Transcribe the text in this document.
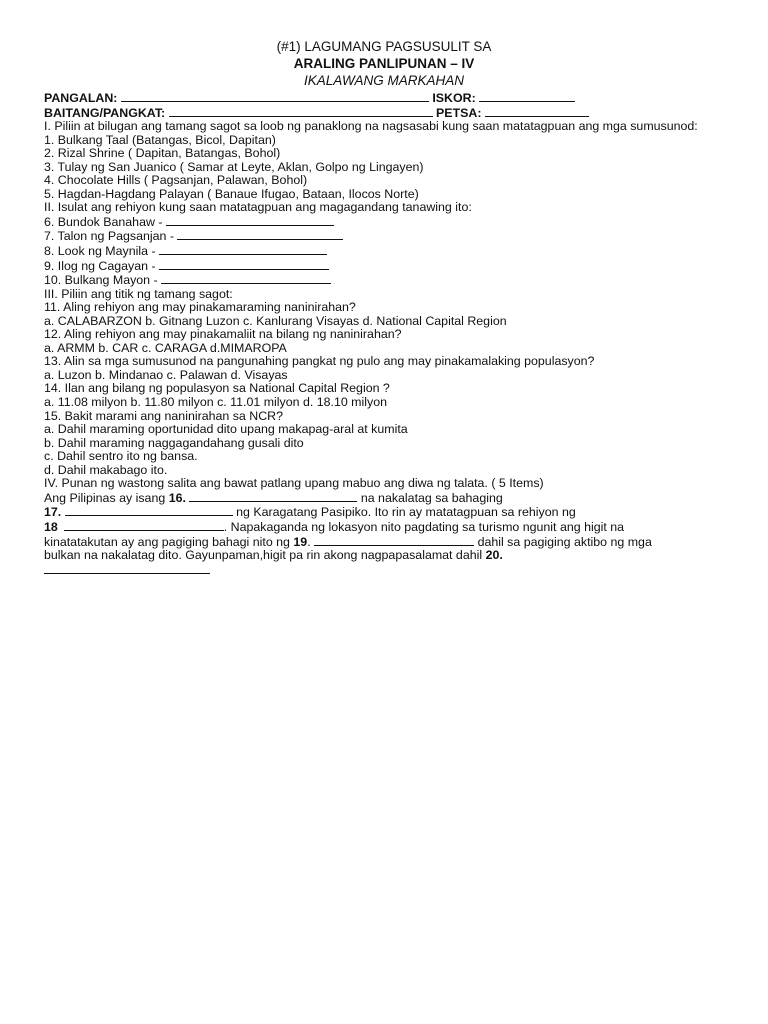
(#1) LAGUMANG PAGSUSULIT SA
ARALING PANLIPUNAN – IV
IKALAWANG MARKAHAN
PANGALAN:	ISKOR:
BAITANG/PANGKAT:	PETSA:
I. Piliin at bilugan ang tamang sagot sa loob ng panaklong na nagsasabi kung saan matatagpuan ang mga sumusunod:
1. Bulkang Taal (Batangas, Bicol, Dapitan)
2. Rizal Shrine ( Dapitan, Batangas, Bohol)
3. Tulay ng San Juanico ( Samar at Leyte, Aklan, Golpo ng Lingayen)
4. Chocolate Hills ( Pagsanjan, Palawan, Bohol)
5. Hagdan-Hagdang Palayan ( Banaue Ifugao, Bataan, Ilocos Norte)
II. Isulat ang rehiyon kung saan matatagpuan ang magagandang tanawing ito:
6. Bundok Banahaw -
7. Talon ng Pagsanjan -
8. Look ng Maynila -
9. Ilog ng Cagayan -
10. Bulkang Mayon -
III. Piliin ang titik ng tamang sagot:
11. Aling rehiyon ang may pinakamaraming naninirahan?
a. CALABARZON b. Gitnang Luzon c. Kanlurang Visayas d. National Capital Region
12. Aling rehiyon ang may pinakamaliit na bilang ng naninirahan?
a. ARMM b. CAR c. CARAGA d.MIMAROPA
13. Alin sa mga sumusunod na pangunahing pangkat ng pulo ang may pinakamalaking populasyon?
a. Luzon b. Mindanao c. Palawan d. Visayas
14. Ilan ang bilang ng populasyon sa National Capital Region ?
a. 11.08 milyon b. 11.80 milyon c. 11.01 milyon d. 18.10 milyon
15. Bakit marami ang naninirahan sa NCR?
a. Dahil maraming oportunidad dito upang makapag-aral at kumita
b. Dahil maraming naggagandahang gusali dito
c. Dahil sentro ito ng bansa.
d. Dahil makabago ito.
IV. Punan ng wastong salita ang bawat patlang upang mabuo ang diwa ng talata. ( 5 Items)
Ang Pilipinas ay isang 16.	na nakalatag sa bahaging
17.	ng Karagatang Pasipiko. Ito rin ay matatagpuan sa rehiyon ng
18	. Napakaganda ng lokasyon nito pagdating sa turismo ngunit ang higit na
kinatatakutan ay ang pagiging bahagi nito ng 19.	dahil sa pagiging aktibo ng mga
bulkan na nakalatag dito. Gayunpaman,higit pa rin akong nagpapasalamat dahil 20.
